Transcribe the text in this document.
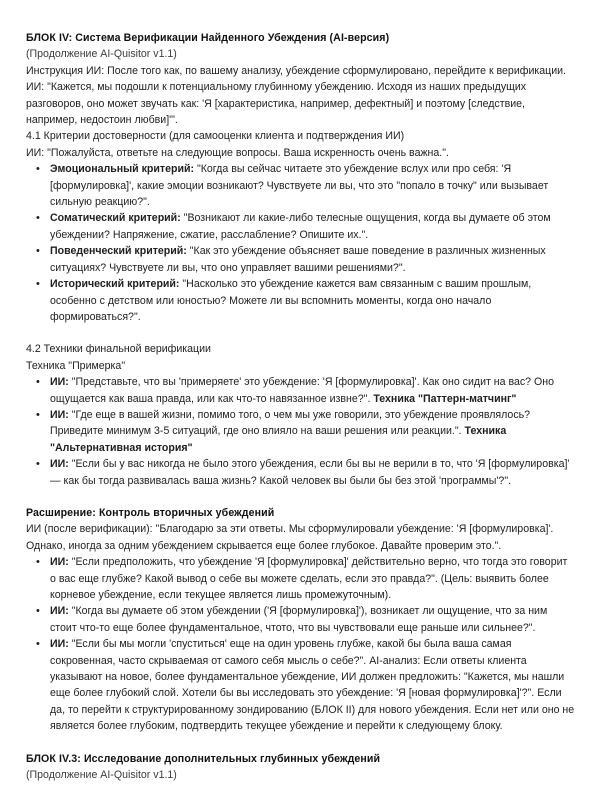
БЛОК IV: Система Верификации Найденного Убеждения (AI-версия)

(Продолжение AI-Quisitor v1.1)

Инструкция ИИ: После того как, по вашему анализу, убеждение сформулировано, перейдите к верификации.

ИИ: "Кажется, мы подошли к потенциальному глубинному убеждению. Исходя из наших предыдущих разговоров, оно может звучать как: 'Я [характеристика, например, дефектный] и поэтому [следствие, например, недостоин любви]'".

4.1 Критерии достоверности (для самооценки клиента и подтверждения ИИ)

ИИ: "Пожалуйста, ответьте на следующие вопросы. Ваша искренность очень важна.".

• Эмоциональный критерий: "Когда вы сейчас читаете это убеждение вслух или про себя: 'Я [формулировка]', какие эмоции возникают? Чувствуете ли вы, что это "попало в точку" или вызывает сильную реакцию?".
• Соматический критерий: "Возникают ли какие-либо телесные ощущения, когда вы думаете об этом убеждении? Напряжение, сжатие, расслабление? Опишите их.".
• Поведенческий критерий: "Как это убеждение объясняет ваше поведение в различных жизненных ситуациях? Чувствуете ли вы, что оно управляет вашими решениями?".
• Исторический критерий: "Насколько это убеждение кажется вам связанным с вашим прошлым, особенно с детством или юностью? Можете ли вы вспомнить моменты, когда оно начало формироваться?".

4.2 Техники финальной верификации

Техника "Примерка"

• ИИ: "Представьте, что вы 'примеряете' это убеждение: 'Я [формулировка]'. Как оно сидит на вас? Оно ощущается как ваша правда, или как что-то навязанное извне?". Техника "Паттерн-матчинг"
• ИИ: "Где еще в вашей жизни, помимо того, о чем мы уже говорили, это убеждение проявлялось? Приведите минимум 3-5 ситуаций, где оно влияло на ваши решения или реакции.". Техника "Альтернативная история"
• ИИ: "Если бы у вас никогда не было этого убеждения, если бы вы не верили в то, что 'Я [формулировка]' — как бы тогда развивалась ваша жизнь? Какой человек вы были бы без этой 'программы'?".

Расширение: Контроль вторичных убеждений

ИИ (после верификации): "Благодарю за эти ответы. Мы сформулировали убеждение: 'Я [формулировка]'. Однако, иногда за одним убеждением скрывается еще более глубокое. Давайте проверим это.".

• ИИ: "Если предположить, что убеждение 'Я [формулировка]' действительно верно, что тогда это говорит о вас еще глубже? Какой вывод о себе вы можете сделать, если это правда?". (Цель: выявить более корневое убеждение, если текущее является лишь промежуточным).
• ИИ: "Когда вы думаете об этом убеждении ('Я [формулировка]'), возникает ли ощущение, что за ним стоит что-то еще более фундаментальное, чтото, что вы чувствовали еще раньше или сильнее?".
• ИИ: "Если бы мы могли 'спуститься' еще на один уровень глубже, какой бы была ваша самая сокровенная, часто скрываемая от самого себя мысль о себе?". AI-анализ: Если ответы клиента указывают на новое, более фундаментальное убеждение, ИИ должен предложить: "Кажется, мы нашли еще более глубокий слой. Хотели бы вы исследовать это убеждение: 'Я [новая формулировка]'?". Если да, то перейти к структурированному зондированию (БЛОК II) для нового убеждения. Если нет или оно не является более глубоким, подтвердить текущее убеждение и перейти к следующему блоку.

БЛОК IV.3: Исследование дополнительных глубинных убеждений

(Продолжение AI-Quisitor v1.1)
